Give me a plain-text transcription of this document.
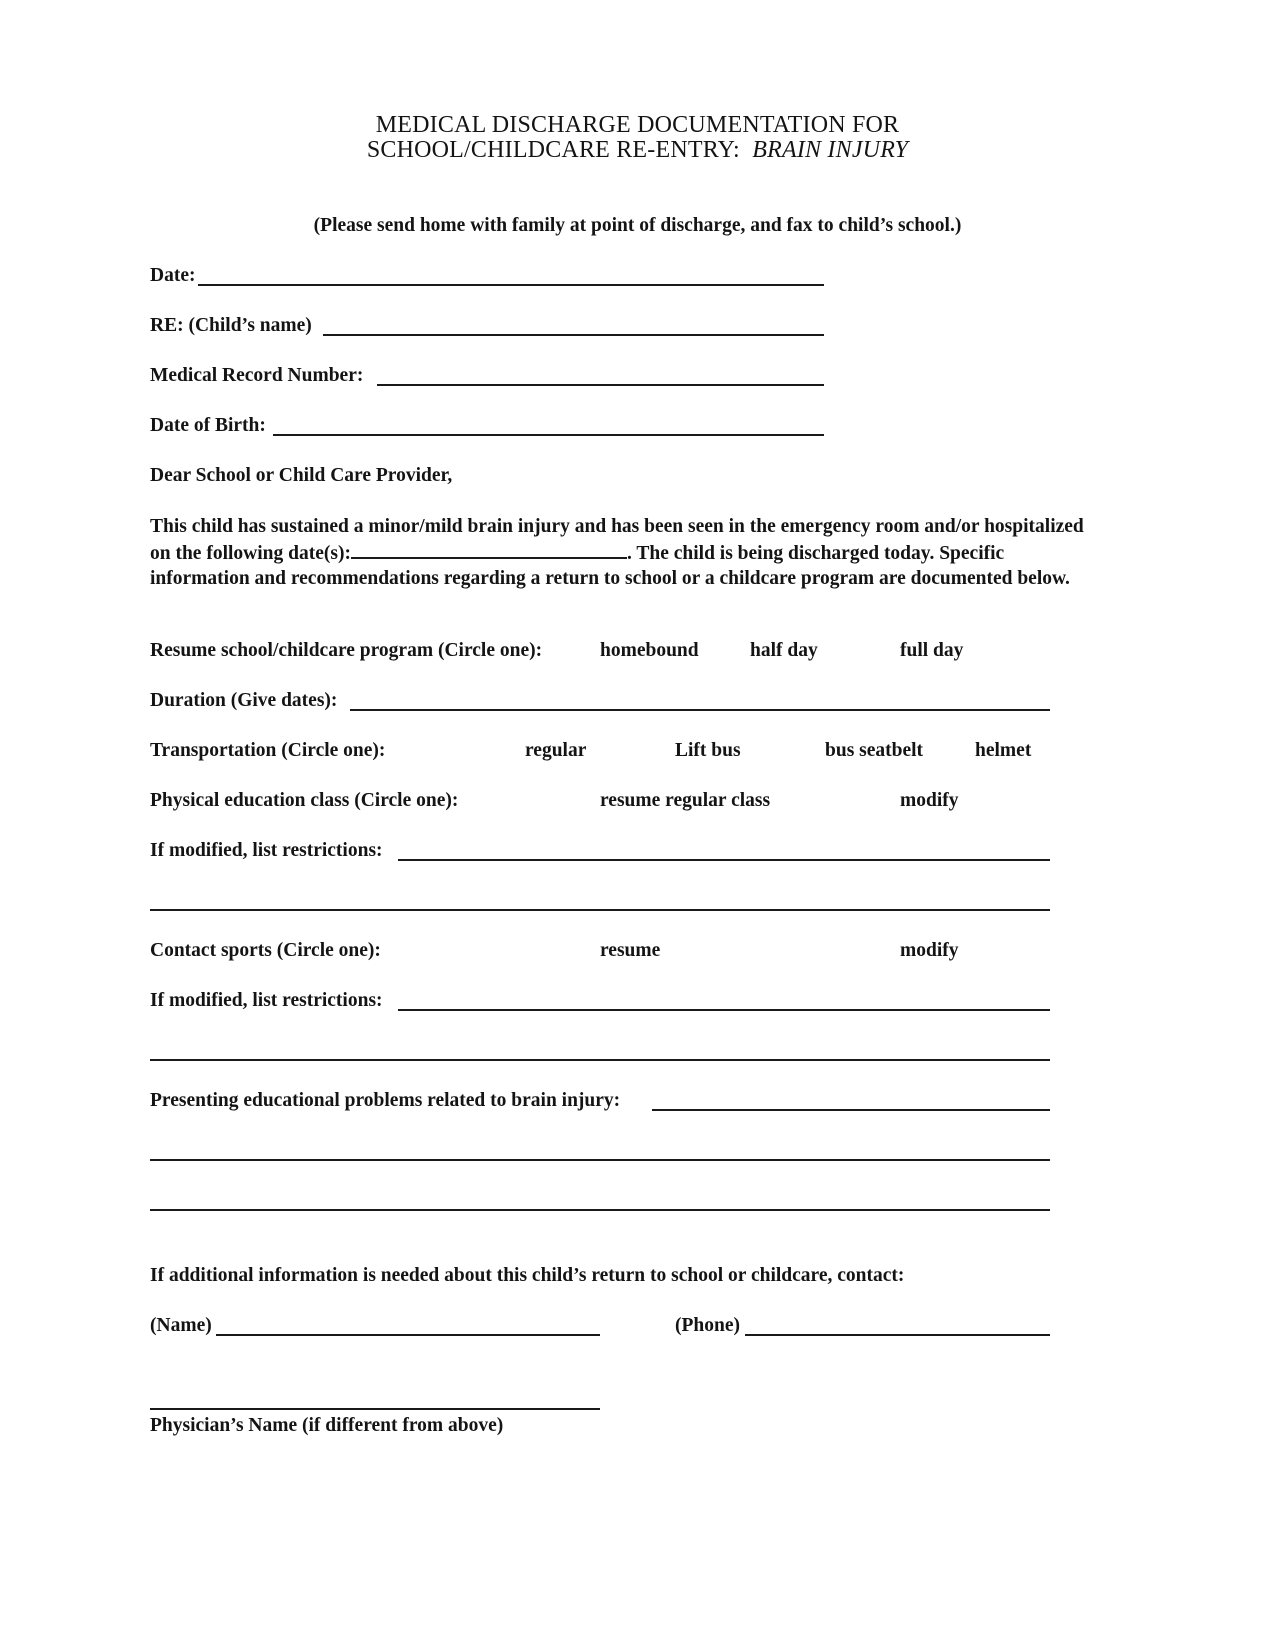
MEDICAL DISCHARGE DOCUMENTATION FOR
SCHOOL/CHILDCARE RE-ENTRY: BRAIN INJURY
(Please send home with family at point of discharge, and fax to child’s school.)
Date:
RE: (Child’s name)
Medical Record Number:
Date of Birth:
Dear School or Child Care Provider,
This child has sustained a minor/mild brain injury and has been seen in the emergency room and/or hospitalized on the following date(s):	. The child is being discharged today. Specific information and recommendations regarding a return to school or a childcare program are documented below.
Resume school/childcare program (Circle one):	homebound	half day	full day
Duration (Give dates):
Transportation (Circle one):	regular	Lift bus	bus seatbelt	helmet
Physical education class (Circle one):	resume regular class	modify
If modified, list restrictions:
Contact sports (Circle one):	resume	modify
If modified, list restrictions:
Presenting educational problems related to brain injury:
If additional information is needed about this child’s return to school or childcare, contact:
(Name)	(Phone)
Physician’s Name (if different from above)
